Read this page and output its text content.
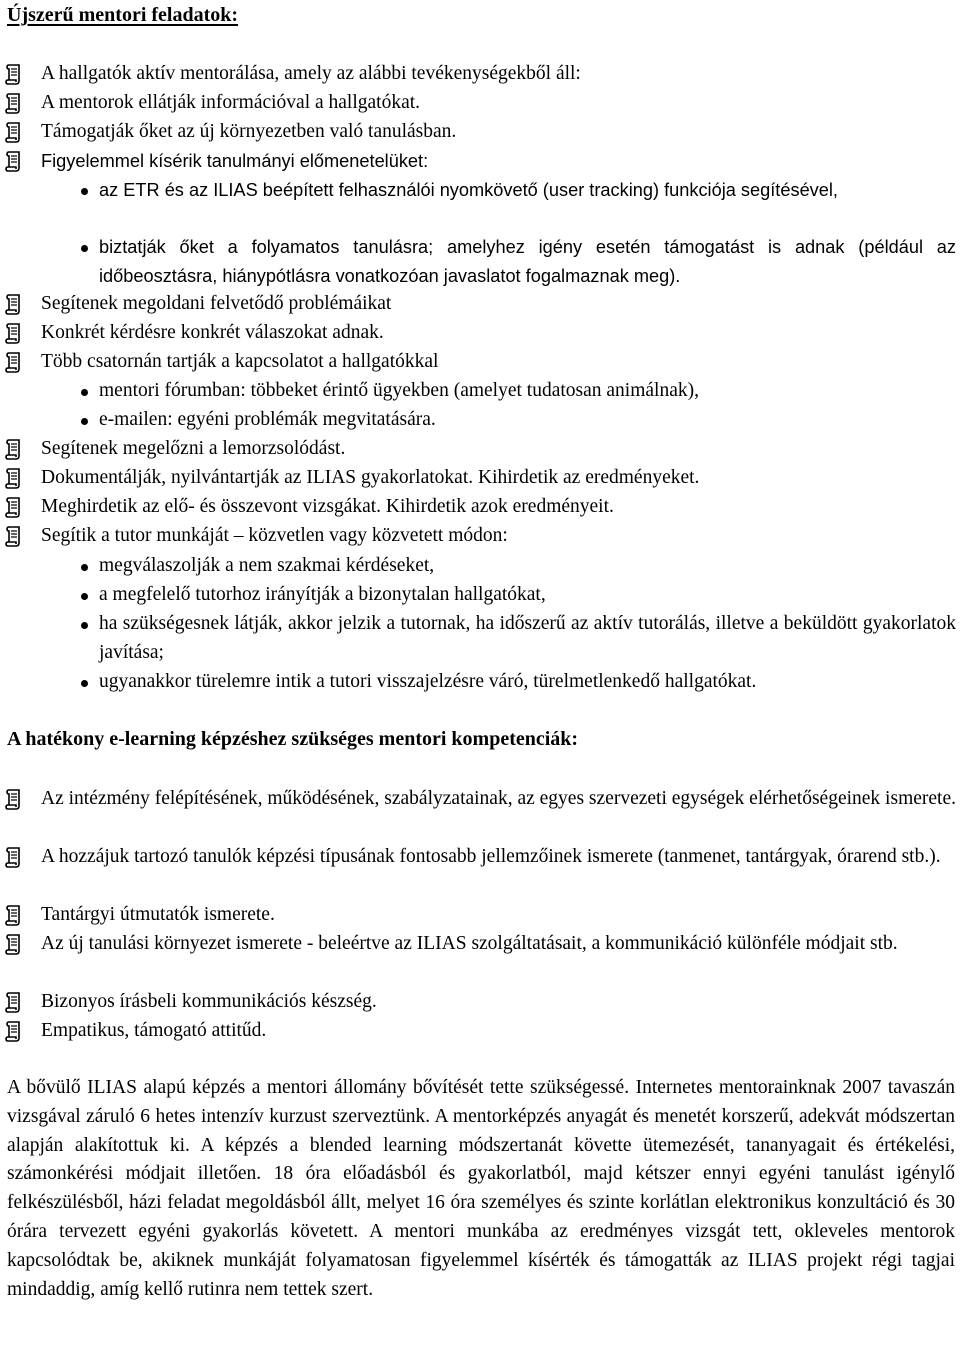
Újszerű mentori feladatok:

A hallgatók aktív mentorálása, amely az alábbi tevékenységekből áll:

A mentorok ellátják információval a hallgatókat.

Támogatják őket az új környezetben való tanulásban.

Figyelemmel kísérik tanulmányi előmenetelüket:

az ETR és az ILIAS beépített felhasználói nyomkövető (user tracking) funkciója segítésével,

biztatják őket a folyamatos tanulásra; amelyhez igény esetén támogatást is adnak (például az időbeosztásra, hiánypótlásra vonatkozóan javaslatot fogalmaznak meg).

Segítenek megoldani felvetődő problémáikat

Konkrét kérdésre konkrét válaszokat adnak.

Több csatornán tartják a kapcsolatot a hallgatókkal

mentori fórumban: többeket érintő ügyekben (amelyet tudatosan animálnak),

e-mailen: egyéni problémák megvitatására.

Segítenek megelőzni a lemorzsolódást.

Dokumentálják, nyilvántartják az ILIAS gyakorlatokat. Kihirdetik az eredményeket.

Meghirdetik az elő- és összevont vizsgákat. Kihirdetik azok eredményeit.

Segítik a tutor munkáját – közvetlen vagy közvetett módon:

megválaszolják a nem szakmai kérdéseket,

a megfelelő tutorhoz irányítják a bizonytalan hallgatókat,

ha szükségesnek látják, akkor jelzik a tutornak, ha időszerű az aktív tutorálás, illetve a beküldött gyakorlatok javítása;

ugyanakkor türelemre intik a tutori visszajelzésre váró, türelmetlenkedő hallgatókat.

A hatékony e-learning képzéshez szükséges mentori kompetenciák:

Az intézmény felépítésének, működésének, szabályzatainak, az egyes szervezeti egységek elérhetőségeinek ismerete.

A hozzájuk tartozó tanulók képzési típusának fontosabb jellemzőinek ismerete (tanmenet, tantárgyak, órarend stb.).

Tantárgyi útmutatók ismerete.

Az új tanulási környezet ismerete - beleértve az ILIAS szolgáltatásait, a kommunikáció különféle módjait stb.

Bizonyos írásbeli kommunikációs készség.

Empatikus, támogató attitűd.

A bővülő ILIAS alapú képzés a mentori állomány bővítését tette szükségessé. Internetes mentorainknak 2007 tavaszán vizsgával záruló 6 hetes intenzív kurzust szerveztünk. A mentorképzés anyagát és menetét korszerű, adekvát módszertan alapján alakítottuk ki. A képzés a blended learning módszertanát követte ütemezését, tananyagait és értékelési, számonkérési módjait illetően. 18 óra előadásból és gyakorlatból, majd kétszer ennyi egyéni tanulást igénylő felkészülésből, házi feladat megoldásból állt, melyet 16 óra személyes és szinte korlátlan elektronikus konzultáció és 30 órára tervezett egyéni gyakorlás követett. A mentori munkába az eredményes vizsgát tett, okleveles mentorok kapcsolódtak be, akiknek munkáját folyamatosan figyelemmel kísérték és támogatták az ILIAS projekt régi tagjai mindaddig, amíg kellő rutinra nem tettek szert.
